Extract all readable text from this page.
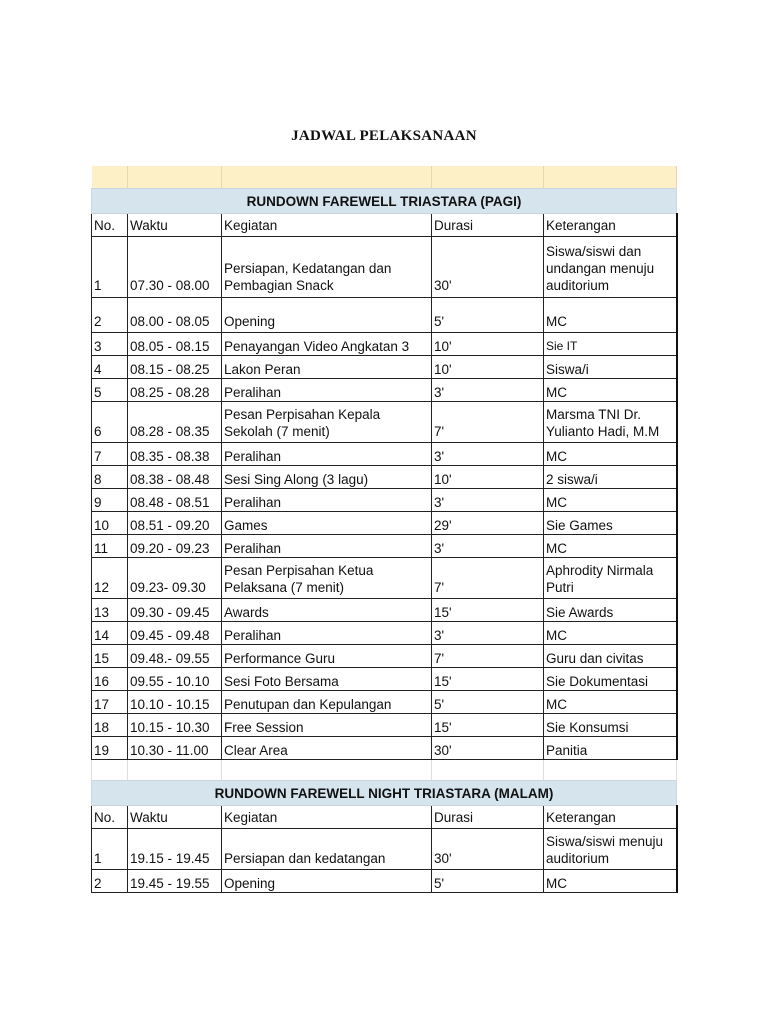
JADWAL PELAKSANAAN

RUNDOWN FAREWELL TRIASTARA (PAGI)				
No.	Waktu	Kegiatan	Durasi	Keterangan
1	07.30 - 08.00	Persiapan, Kedatangan dan Pembagian Snack	30'	Siswa/siswi dan undangan menuju auditorium
2	08.00 - 08.05	Opening	5'	MC
3	08.05 - 08.15	Penayangan Video Angkatan 3	10'	Sie IT
4	08.15 - 08.25	Lakon Peran	10'	Siswa/i
5	08.25 - 08.28	Peralihan	3'	MC
6	08.28 - 08.35	Pesan Perpisahan Kepala Sekolah (7 menit)	7'	Marsma TNI Dr. Yulianto Hadi, M.M
7	08.35 - 08.38	Peralihan	3'	MC
8	08.38 - 08.48	Sesi Sing Along (3 lagu)	10'	2 siswa/i
9	08.48 - 08.51	Peralihan	3'	MC
10	08.51 - 09.20	Games	29'	Sie Games
11	09.20 - 09.23	Peralihan	3'	MC
12	09.23- 09.30	Pesan Perpisahan Ketua Pelaksana (7 menit)	7'	Aphrodity Nirmala Putri
13	09.30 - 09.45	Awards	15'	Sie Awards
14	09.45 - 09.48	Peralihan	3'	MC
15	09.48.- 09.55	Performance Guru	7'	Guru dan civitas
16	09.55 - 10.10	Sesi Foto Bersama	15'	Sie Dokumentasi
17	10.10 - 10.15	Penutupan dan Kepulangan	5'	MC
18	10.15 - 10.30	Free Session	15'	Sie Konsumsi
19	10.30 - 11.00	Clear Area	30'	Panitia

RUNDOWN FAREWELL NIGHT TRIASTARA (MALAM)				
No.	Waktu	Kegiatan	Durasi	Keterangan
1	19.15 - 19.45	Persiapan dan kedatangan	30'	Siswa/siswi menuju auditorium
2	19.45 - 19.55	Opening	5'	MC
